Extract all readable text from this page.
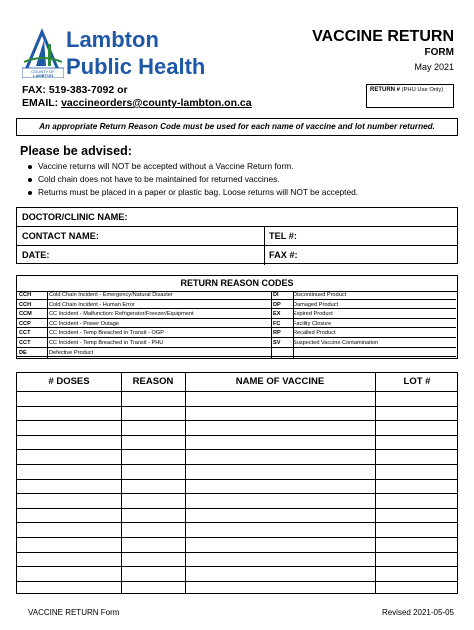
COUNTY OF
LAMBTON
Lambton
Public Health
VACCINE RETURN
FORM
May 2021
FAX: 519-383-7092 or
EMAIL: vaccineorders@county-lambton.on.ca
RETURN # (PHU Use Only)
An appropriate Return Reason Code must be used for each name of vaccine and lot number returned.
Please be advised:
Vaccine returns will NOT be accepted without a Vaccine Return form.
Cold chain does not have to be maintained for returned vaccines.
Returns must be placed in a paper or plastic bag. Loose returns will NOT be accepted.
DOCTOR/CLINIC NAME:
CONTACT NAME:	TEL #:
DATE:	FAX #:
RETURN REASON CODES
CCH	Cold Chain Incident - Emergency/Natural Disaster	DI	Discontinued Product
CCH	Cold Chain Incident - Human Error	DP Damaged Product
CCM	CC Incident - Malfunction: Refrigerator/Freezer/Equipment	EX Expired Product
CCP	CC Incident - Power Outage	FC Facility Closure
CCT	CC Incident - Temp Breached in Transit - OGP	RP Recalled Product
CCT	CC Incident - Temp Breached in Transit - PHU	SV Suspected Vaccine Contamination
DE	Defective Product
# DOSES	REASON	NAME OF VACCINE	LOT #
VACCINE RETURN Form	Revised 2021-05-05
